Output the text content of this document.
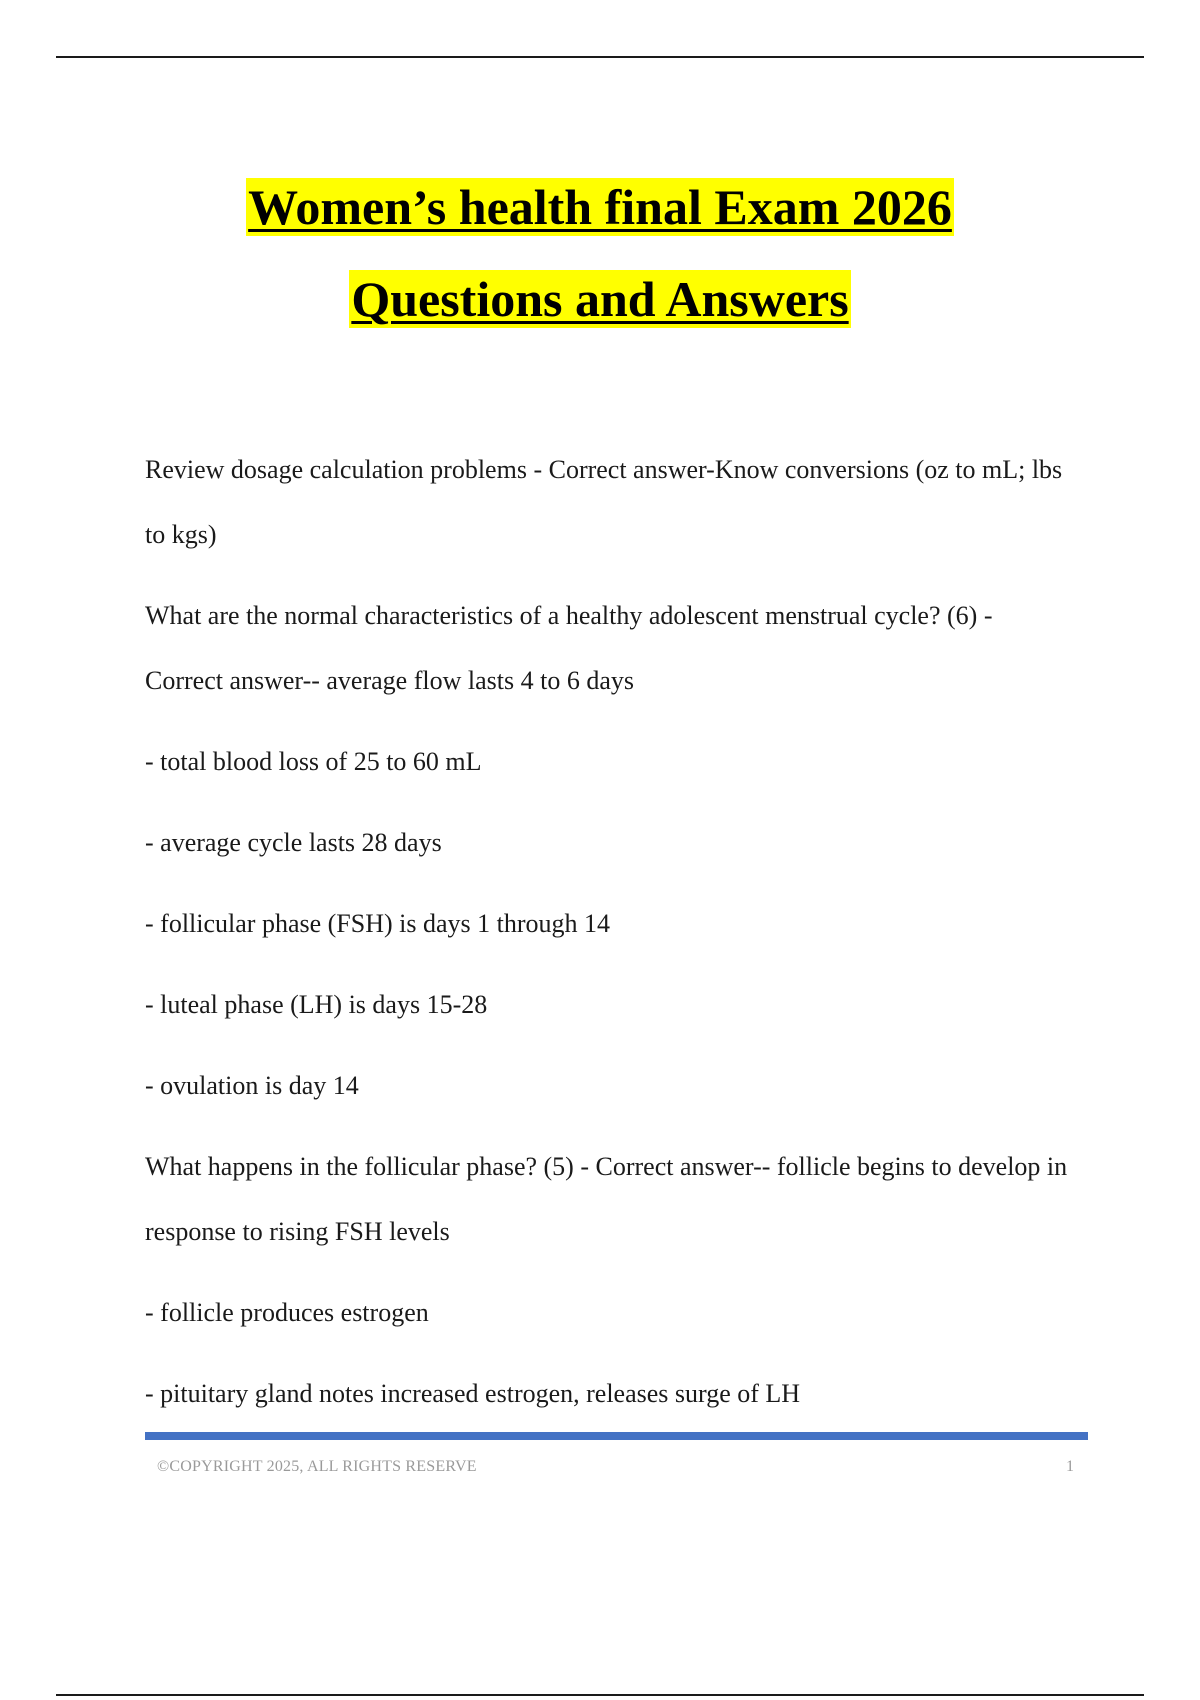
Women’s health final Exam 2026
Questions and Answers

Review dosage calculation problems - Correct answer-Know conversions (oz to mL; lbs to kgs)

What are the normal characteristics of a healthy adolescent menstrual cycle? (6) - Correct answer-- average flow lasts 4 to 6 days

- total blood loss of 25 to 60 mL

- average cycle lasts 28 days

- follicular phase (FSH) is days 1 through 14

- luteal phase (LH) is days 15-28

- ovulation is day 14

What happens in the follicular phase? (5) - Correct answer-- follicle begins to develop in response to rising FSH levels

- follicle produces estrogen

- pituitary gland notes increased estrogen, releases surge of LH

©COPYRIGHT 2025, ALL RIGHTS RESERVE	1
